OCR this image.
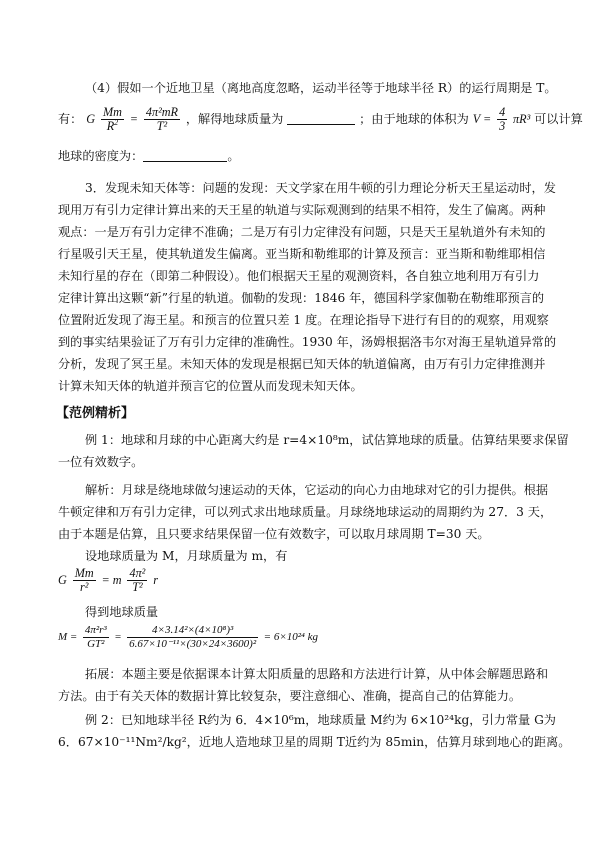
（4）假如一个近地卫星（离地高度忽略，运动半径等于地球半径 R）的运行周期是 T。
有： G $\frac{Mm}{R^2} = \frac{\text{4π²mR}}{\text{T²}}$ ，解得地球质量为	；由于地球的体积为 $V = \frac{4}{3} \pi R^3$ 可以计算
地球的密度为：	。
3．发现未知天体等：问题的发现：天文学家在用牛顿的引力理论分析天王星运动时，发
现用万有引力定律计算出来的天王星的轨道与实际观测到的结果不相符，发生了偏离。两种
观点：一是万有引力定律不准确；二是万有引力定律没有问题，只是天王星轨道外有未知的
行星吸引天王星，使其轨道发生偏离。亚当斯和勒维耶的计算及预言：亚当斯和勒维耶相信
未知行星的存在（即第二种假设）。他们根据天王星的观测资料，各自独立地利用万有引力
定律计算出这颗“新”行星的轨道。伽勒的发现：1846 年，德国科学家伽勒在勒维耶预言的
位置附近发现了海王星。和预言的位置只差 1 度。在理论指导下进行有目的的观察，用观察
到的事实结果验证了万有引力定律的准确性。1930 年，汤姆根据洛韦尔对海王星轨道异常的
分析，发现了冥王星。未知天体的发现是根据已知天体的轨道偏离，由万有引力定律推测并
计算未知天体的轨道并预言它的位置从而发现未知天体。
【范例精析】
例 1：地球和月球的中心距离大约是 r=4×10⁸m，试估算地球的质量。估算结果要求保留
一位有效数字。
解析：月球是绕地球做匀速运动的天体，它运动的向心力由地球对它的引力提供。根据
牛顿定律和万有引力定律，可以列式求出地球质量。月球绕地球运动的周期约为 27．3 天，
由于本题是估算，且只要求结果保留一位有效数字，可以取月球周期 T=30 天。
设地球质量为 M，月球质量为 m，有
G $\frac{Mm}{\text{r²}} = m \frac{\text{4π²}}{\text{T²}}$ r
得到地球质量
$M = \frac{\text{4π²r³}}{\text{GT²}} = \frac{\text{4×3.14²×(4×10⁸)³}}{\text{6.67×10⁻¹¹×(30×24×3600)²}} = 6\times 10^{24}$ kg
拓展：本题主要是依据课本计算太阳质量的思路和方法进行计算，从中体会解题思路和
方法。由于有关天体的数据计算比较复杂，要注意细心、准确，提高自己的估算能力。
例 2：已知地球半径 R约为 6．4×10⁶m，地球质量 M约为 6×10²⁴kg，引力常量 G为
6．67×10⁻¹¹Nm²/kg²，近地人造地球卫星的周期 T近约为 85min，估算月球到地心的距离。
